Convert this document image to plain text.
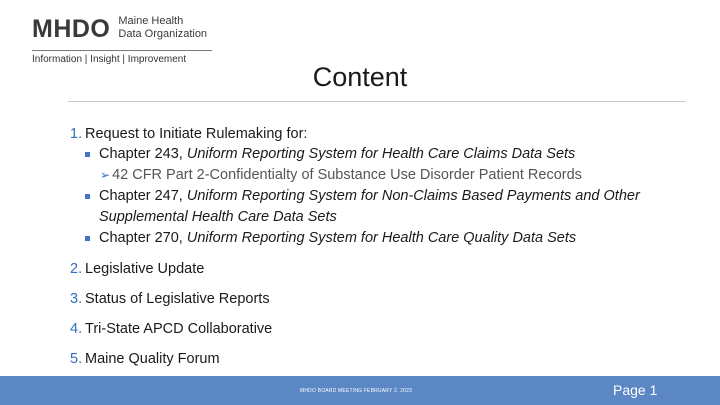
MHDO Maine Health
Data Organization
Information | Insight | Improvement
Content
1. Request to Initiate Rulemaking for:
Chapter 243, Uniform Reporting System for Health Care Claims Data Sets
➢ 42 CFR Part 2-Confidentialty of Substance Use Disorder Patient Records
Chapter 247, Uniform Reporting System for Non-Claims Based Payments and Other Supplemental Health Care Data Sets
Chapter 270, Uniform Reporting System for Health Care Quality Data Sets
2. Legislative Update
3. Status of Legislative Reports
4. Tri-State APCD Collaborative
5. Maine Quality Forum
MHDO BOARD MEETING FEBRUARY 2, 2023	Page 1
